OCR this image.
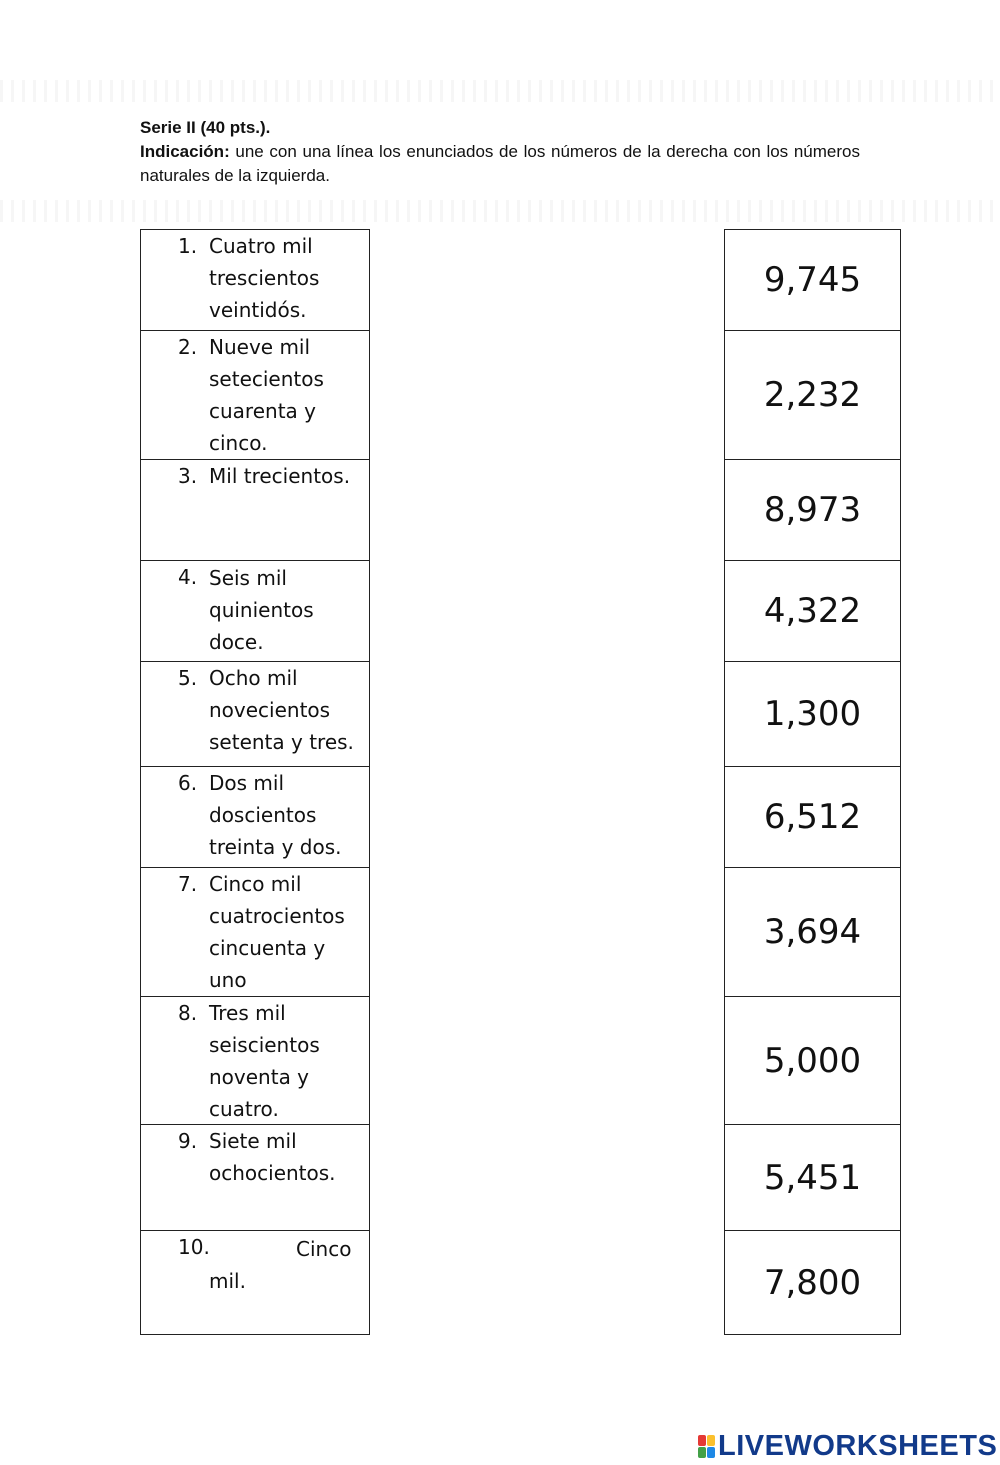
Serie II (40 pts.).
Indicación: une con una línea los enunciados de los números de la derecha con los números naturales de la izquierda.
1. Cuatro mil trescientos veintidós.
2. Nueve mil setecientos cuarenta y cinco.
3. Mil trecientos.
4. Seis mil quinientos doce.
5. Ocho mil novecientos setenta y tres.
6. Dos mil doscientos treinta y dos.
7. Cinco mil cuatrocientos cincuenta y uno
8. Tres mil seiscientos noventa y cuatro.
9. Siete mil ochocientos.
10.	Cinco mil.
9,745
2,232
8,973
4,322
1,300
6,512
3,694
5,000
5,451
7,800
LIVEWORKSHEETS
